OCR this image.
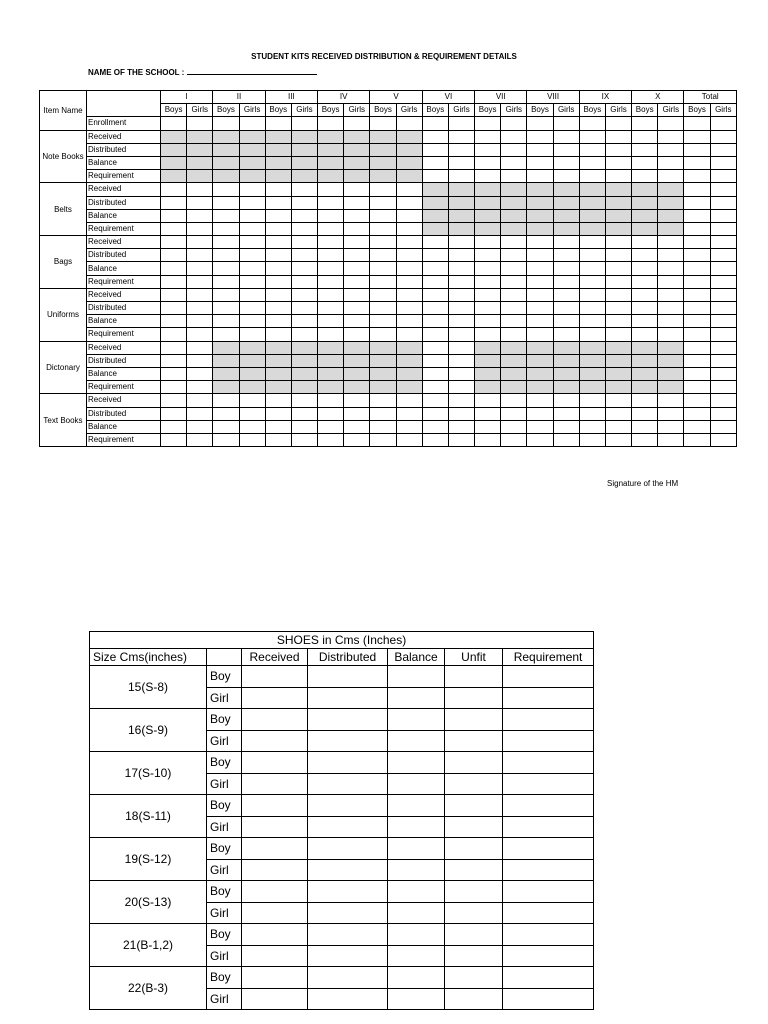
STUDENT KITS RECEIVED DISTRIBUTION & REQUIREMENT DETAILS
NAME OF THE SCHOOL :
Item Name		I		II		III		IV		V		VI		VII		VIII		IX		X		Total	
		Boys	Girls	Boys	Girls	Boys	Girls	Boys	Girls	Boys	Girls	Boys	Girls	Boys	Girls	Boys	Girls	Boys	Girls	Boys	Girls	Boys	Girls
	Enrollment																						
Note Books	Received																						
	Distributed																						
	Balance																						
	Requirement																						
Belts	Received																						
	Distributed																						
	Balance																						
	Requirement																						
Bags	Received																						
	Distributed																						
	Balance																						
	Requirement																						
Uniforms	Received																						
	Distributed																						
	Balance																						
	Requirement																						
Dictonary	Received																						
	Distributed																						
	Balance																						
	Requirement																						
Text Books	Received																						
	Distributed																						
	Balance																						
	Requirement																						
Signature of the HM
SHOES in Cms (Inches)						
Size Cms(inches)		Received	Distributed	Balance	Unfit	Requirement
15(S-8)	Boy					
	Girl					
16(S-9)	Boy					
	Girl					
17(S-10)	Boy					
	Girl					
18(S-11)	Boy					
	Girl					
19(S-12)	Boy					
	Girl					
20(S-13)	Boy					
	Girl					
21(B-1,2)	Boy					
	Girl					
22(B-3)	Boy					
	Girl					
